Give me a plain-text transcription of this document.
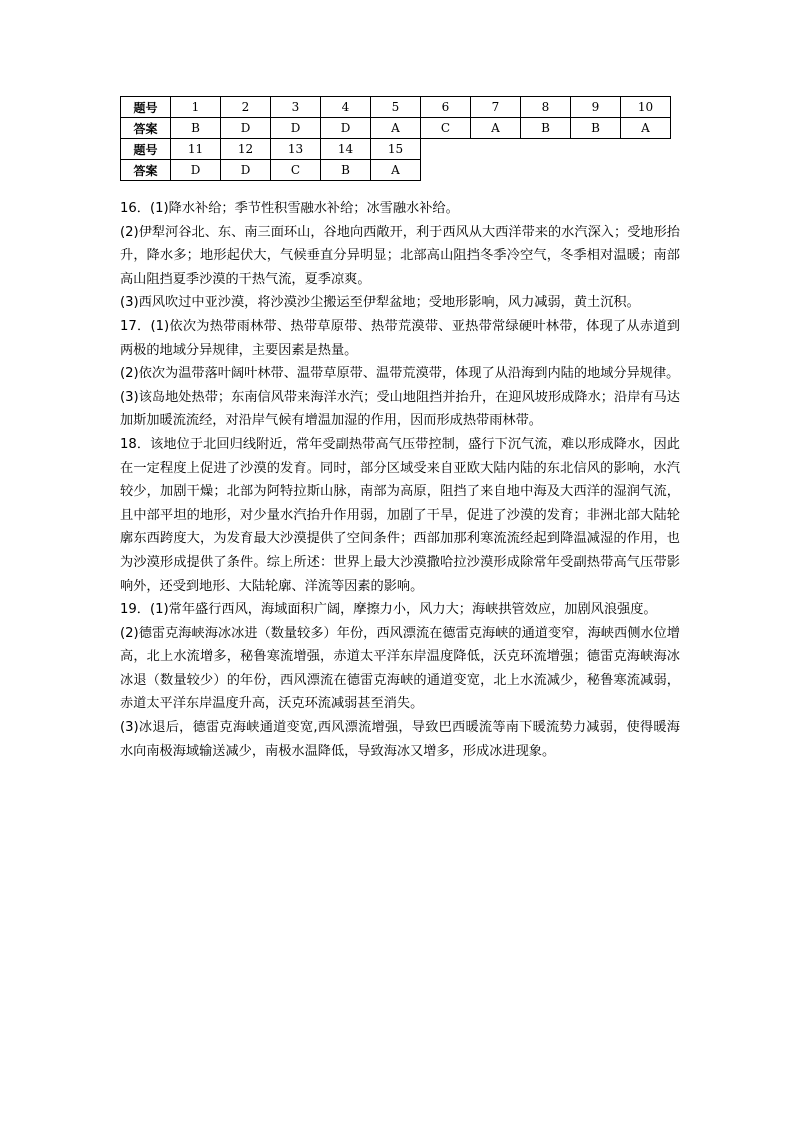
题号	1	2	3	4	5	6	7	8	9	10
答案	B	D	D	D	A	C	A	B	B	A
题号	11	12	13	14	15					
答案	D	D	C	B	A					

16．(1)降水补给；季节性积雪融水补给；冰雪融水补给。

(2)伊犁河谷北、东、南三面环山，谷地向西敞开，利于西风从大西洋带来的水汽深入；受地形抬升，降水多；地形起伏大，气候垂直分异明显；北部高山阻挡冬季冷空气，冬季相对温暖；南部高山阻挡夏季沙漠的干热气流，夏季凉爽。

(3)西风吹过中亚沙漠，将沙漠沙尘搬运至伊犁盆地；受地形影响，风力减弱，黄土沉积。

17．(1)依次为热带雨林带、热带草原带、热带荒漠带、亚热带常绿硬叶林带，体现了从赤道到两极的地域分异规律，主要因素是热量。

(2)依次为温带落叶阔叶林带、温带草原带、温带荒漠带，体现了从沿海到内陆的地域分异规律。

(3)该岛地处热带；东南信风带来海洋水汽；受山地阻挡并抬升，在迎风坡形成降水；沿岸有马达加斯加暖流流经，对沿岸气候有增温加湿的作用，因而形成热带雨林带。

18．该地位于北回归线附近，常年受副热带高气压带控制，盛行下沉气流，难以形成降水，因此在一定程度上促进了沙漠的发育。同时，部分区域受来自亚欧大陆内陆的东北信风的影响，水汽较少，加剧干燥；北部为阿特拉斯山脉，南部为高原，阻挡了来自地中海及大西洋的湿润气流，且中部平坦的地形，对少量水汽抬升作用弱，加剧了干旱，促进了沙漠的发育；非洲北部大陆轮廓东西跨度大，为发育最大沙漠提供了空间条件；西部加那利寒流流经起到降温减湿的作用，也为沙漠形成提供了条件。综上所述：世界上最大沙漠撒哈拉沙漠形成除常年受副热带高气压带影响外，还受到地形、大陆轮廓、洋流等因素的影响。

19．(1)常年盛行西风，海域面积广阔，摩擦力小，风力大；海峡拱管效应，加剧风浪强度。

(2)德雷克海峡海冰冰进（数量较多）年份，西风漂流在德雷克海峡的通道变窄，海峡西侧水位增高，北上水流增多，秘鲁寒流增强，赤道太平洋东岸温度降低，沃克环流增强；德雷克海峡海冰冰退（数量较少）的年份，西风漂流在德雷克海峡的通道变宽，北上水流减少，秘鲁寒流减弱，赤道太平洋东岸温度升高，沃克环流减弱甚至消失。

(3)冰退后，德雷克海峡通道变宽,西风漂流增强，导致巴西暖流等南下暖流势力减弱，使得暖海水向南极海域输送减少，南极水温降低，导致海冰又增多，形成冰进现象。
